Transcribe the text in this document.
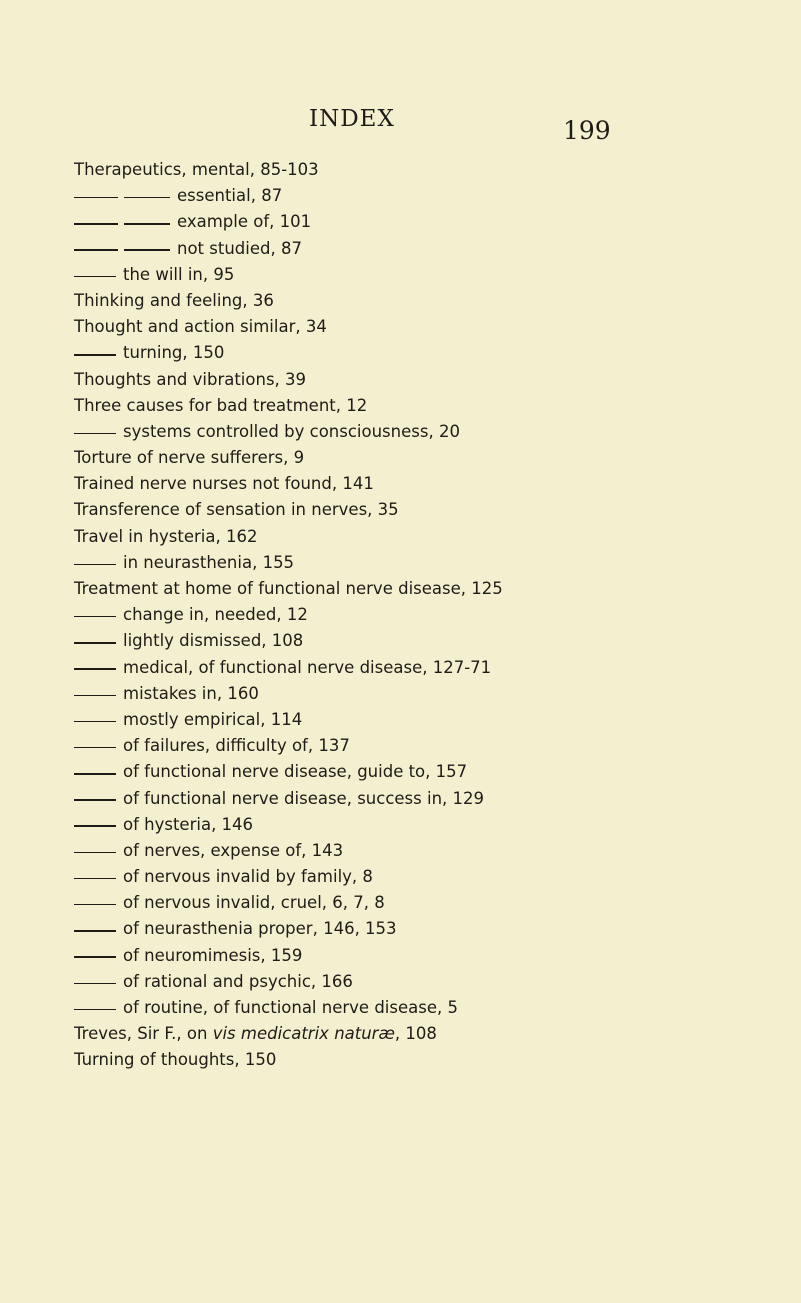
INDEX	199
Therapeutics, mental, 85-103
essential, 87
example of, 101
not studied, 87
the will in, 95
Thinking and feeling, 36
Thought and action similar, 34
turning, 150
Thoughts and vibrations, 39
Three causes for bad treatment, 12
systems controlled by consciousness, 20
Torture of nerve sufferers, 9
Trained nerve nurses not found, 141
Transference of sensation in nerves, 35
Travel in hysteria, 162
in neurasthenia, 155
Treatment at home of functional nerve disease, 125
change in, needed, 12
lightly dismissed, 108
medical, of functional nerve disease, 127-71
mistakes in, 160
mostly empirical, 114
of failures, difficulty of, 137
of functional nerve disease, guide to, 157
of functional nerve disease, success in, 129
of hysteria, 146
of nerves, expense of, 143
of nervous invalid by family, 8
of nervous invalid, cruel, 6, 7, 8
of neurasthenia proper, 146, 153
of neuromimesis, 159
of rational and psychic, 166
of routine, of functional nerve disease, 5
Treves, Sir F., on vis medicatrix naturæ, 108
Turning of thoughts, 150
